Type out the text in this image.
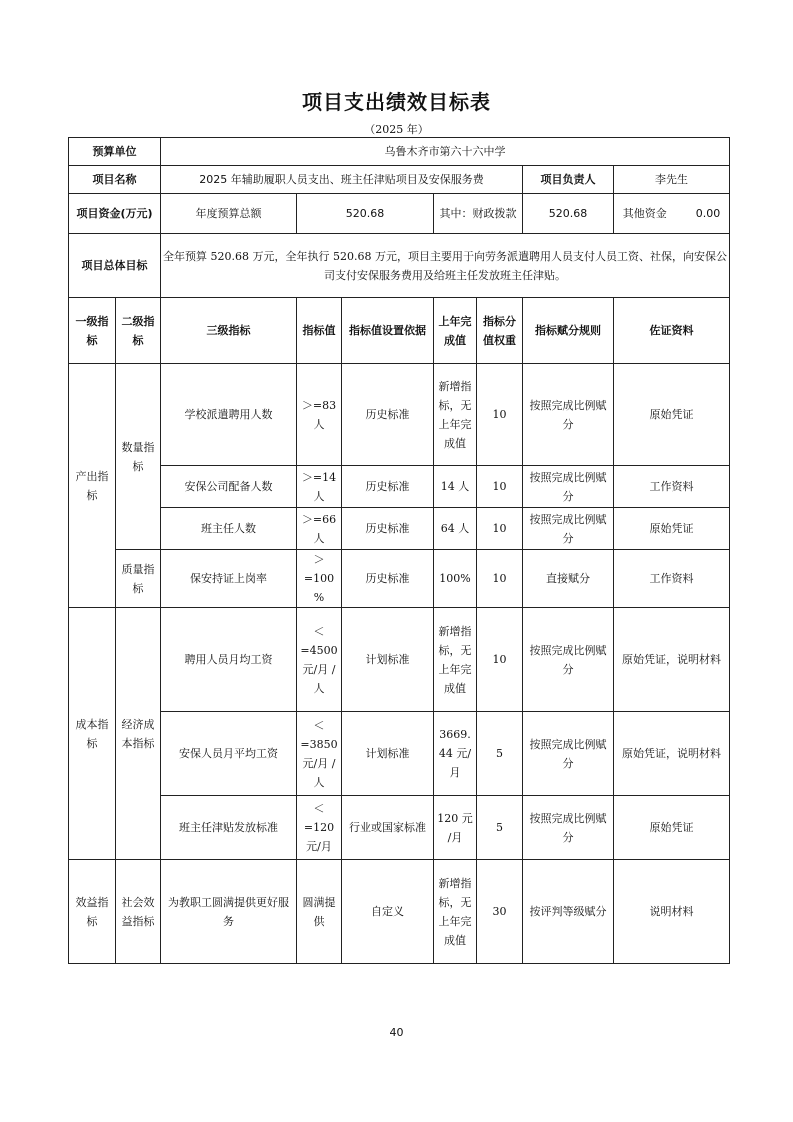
项目支出绩效目标表
（2025 年）
预算单位		乌鲁木齐市第六十六中学						
项目名称		2025 年辅助履职人员支出、班主任津贴项目及安保服务费					项目负责人	李先生
项目资金(万元)		年度预算总额	520.68		其中：财政拨款		520.68	其他资金 0.00
项目总体目标		全年预算 520.68 万元，全年执行 520.68 万元，项目主要用于向劳务派遣聘用人员支付人员工资、社保，向安保公司支付安保服务费用及给班主任发放班主任津贴。						
一级指标	二级指标	三级指标	指标值	指标值设置依据	上年完成值	指标分值权重	指标赋分规则	佐证资料
产出指标	数量指标	学校派遣聘用人数	＞=83 人	历史标准	新增指标，无上年完成值	10	按照完成比例赋分	原始凭证
		安保公司配备人数	＞=14 人	历史标准	14 人	10	按照完成比例赋分	工作资料
		班主任人数	＞=66 人	历史标准	64 人	10	按照完成比例赋分	原始凭证
	质量指标	保安持证上岗率	＞ =100%	历史标准	100%	10	直接赋分	工作资料
成本指标	经济成本指标	聘用人员月均工资	＜ =4500 元/月 /人	计划标准	新增指标，无上年完成值	10	按照完成比例赋分	原始凭证，说明材料
		安保人员月平均工资	＜ =3850 元/月 /人	计划标准	3669. 44 元/月	5	按照完成比例赋分	原始凭证，说明材料
		班主任津贴发放标准	＜ =120 元/月	行业或国家标准	120 元 /月	5	按照完成比例赋分	原始凭证
效益指标	社会效益指标	为教职工圆满提供更好服务	圆满提供	自定义	新增指标，无上年完成值	30	按评判等级赋分	说明材料
40
